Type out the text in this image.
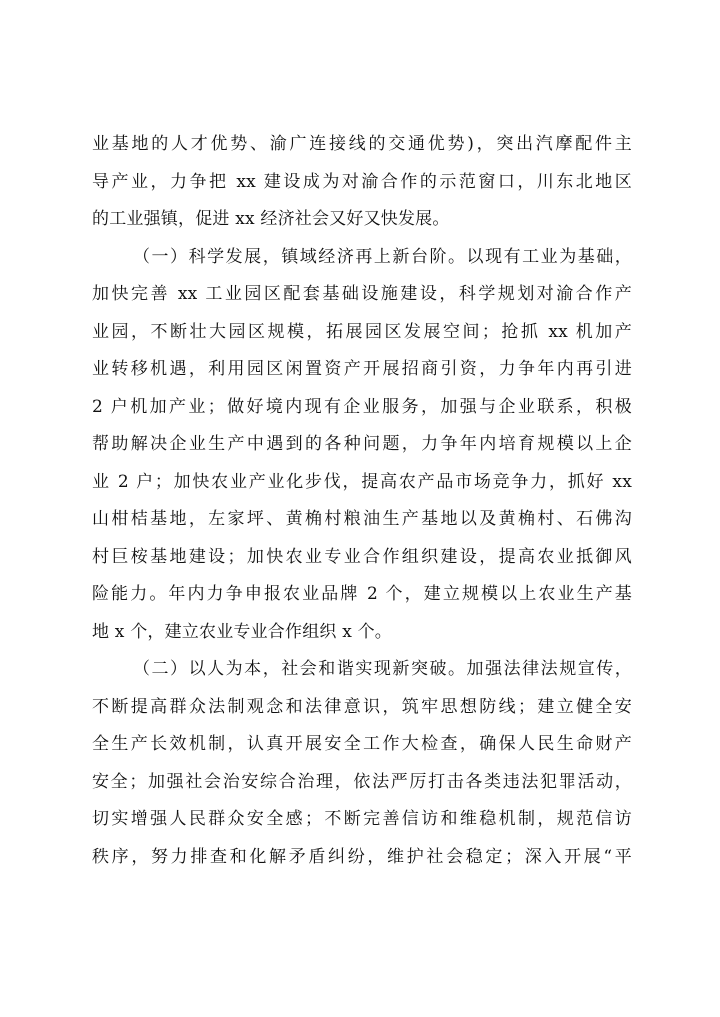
业基地的人才优势、渝广连接线的交通优势)，突出汽摩配件主
导产业，力争把 xx 建设成为对渝合作的示范窗口，川东北地区
的工业强镇，促进 xx 经济社会又好又快发展。
（一）科学发展，镇域经济再上新台阶。以现有工业为基础，
加快完善 xx 工业园区配套基础设施建设，科学规划对渝合作产
业园，不断壮大园区规模，拓展园区发展空间；抢抓 xx 机加产
业转移机遇，利用园区闲置资产开展招商引资，力争年内再引进
2 户机加产业；做好境内现有企业服务，加强与企业联系，积极
帮助解决企业生产中遇到的各种问题，力争年内培育规模以上企
业 2 户；加快农业产业化步伐，提高农产品市场竞争力，抓好 xx
山柑桔基地，左家坪、黄桷村粮油生产基地以及黄桷村、石佛沟
村巨桉基地建设；加快农业专业合作组织建设，提高农业抵御风
险能力。年内力争申报农业品牌 2 个，建立规模以上农业生产基
地 x 个，建立农业专业合作组织 x 个。
（二）以人为本，社会和谐实现新突破。加强法律法规宣传，
不断提高群众法制观念和法律意识，筑牢思想防线；建立健全安
全生产长效机制，认真开展安全工作大检查，确保人民生命财产
安全；加强社会治安综合治理，依法严厉打击各类违法犯罪活动，
切实增强人民群众安全感；不断完善信访和维稳机制，规范信访
秩序，努力排查和化解矛盾纠纷，维护社会稳定；深入开展“平
